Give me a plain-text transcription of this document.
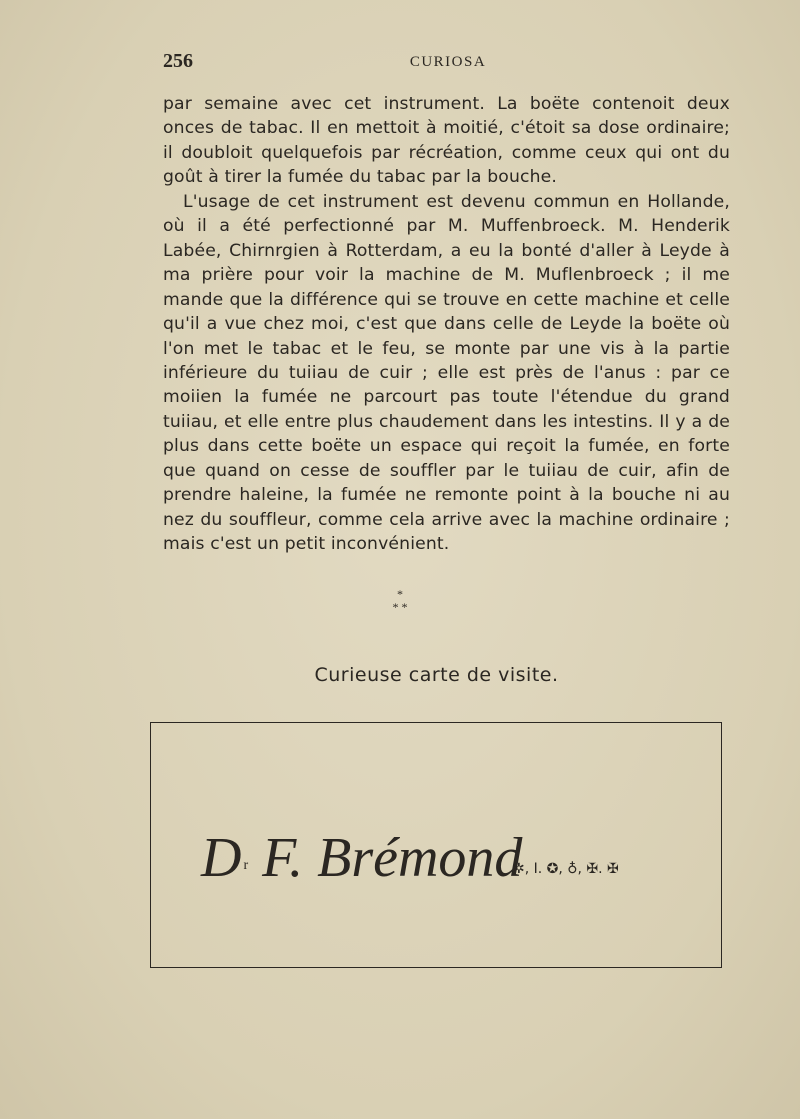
256	CURIOSA

par semaine avec cet instrument. La boëte contenoit deux onces de tabac. Il en mettoit à moitié, c'étoit sa dose ordinaire; il doubloit quelquefois par récréation, comme ceux qui ont du goût à tirer la fumée du tabac par la bouche.

L'usage de cet instrument est devenu commun en Hollande, où il a été perfectionné par M. Muffenbroeck. M. Henderik Labée, Chirnrgien à Rotterdam, a eu la bonté d'aller à Leyde à ma prière pour voir la machine de M. Muflenbroeck ; il me mande que la différence qui se trouve en cette machine et celle qu'il a vue chez moi, c'est que dans celle de Leyde la boëte où l'on met le tabac et le feu, se monte par une vis à la partie inférieure du tuiiau de cuir ; elle est près de l'anus : par ce moiien la fumée ne parcourt pas toute l'étendue du grand tuiiau, et elle entre plus chaudement dans les intestins. Il y a de plus dans cette boëte un espace qui reçoit la fumée, en forte que quand on cesse de souffler par le tuiiau de cuir, afin de prendre haleine, la fumée ne remonte point à la bouche ni au nez du souffleur, comme cela arrive avec la machine ordinaire ; mais c'est un petit inconvénient.

*
* *
Curieuse carte de visite.
D $^r$ F. Brémond
✲, I. ✪, ♁, ✠. ✠
